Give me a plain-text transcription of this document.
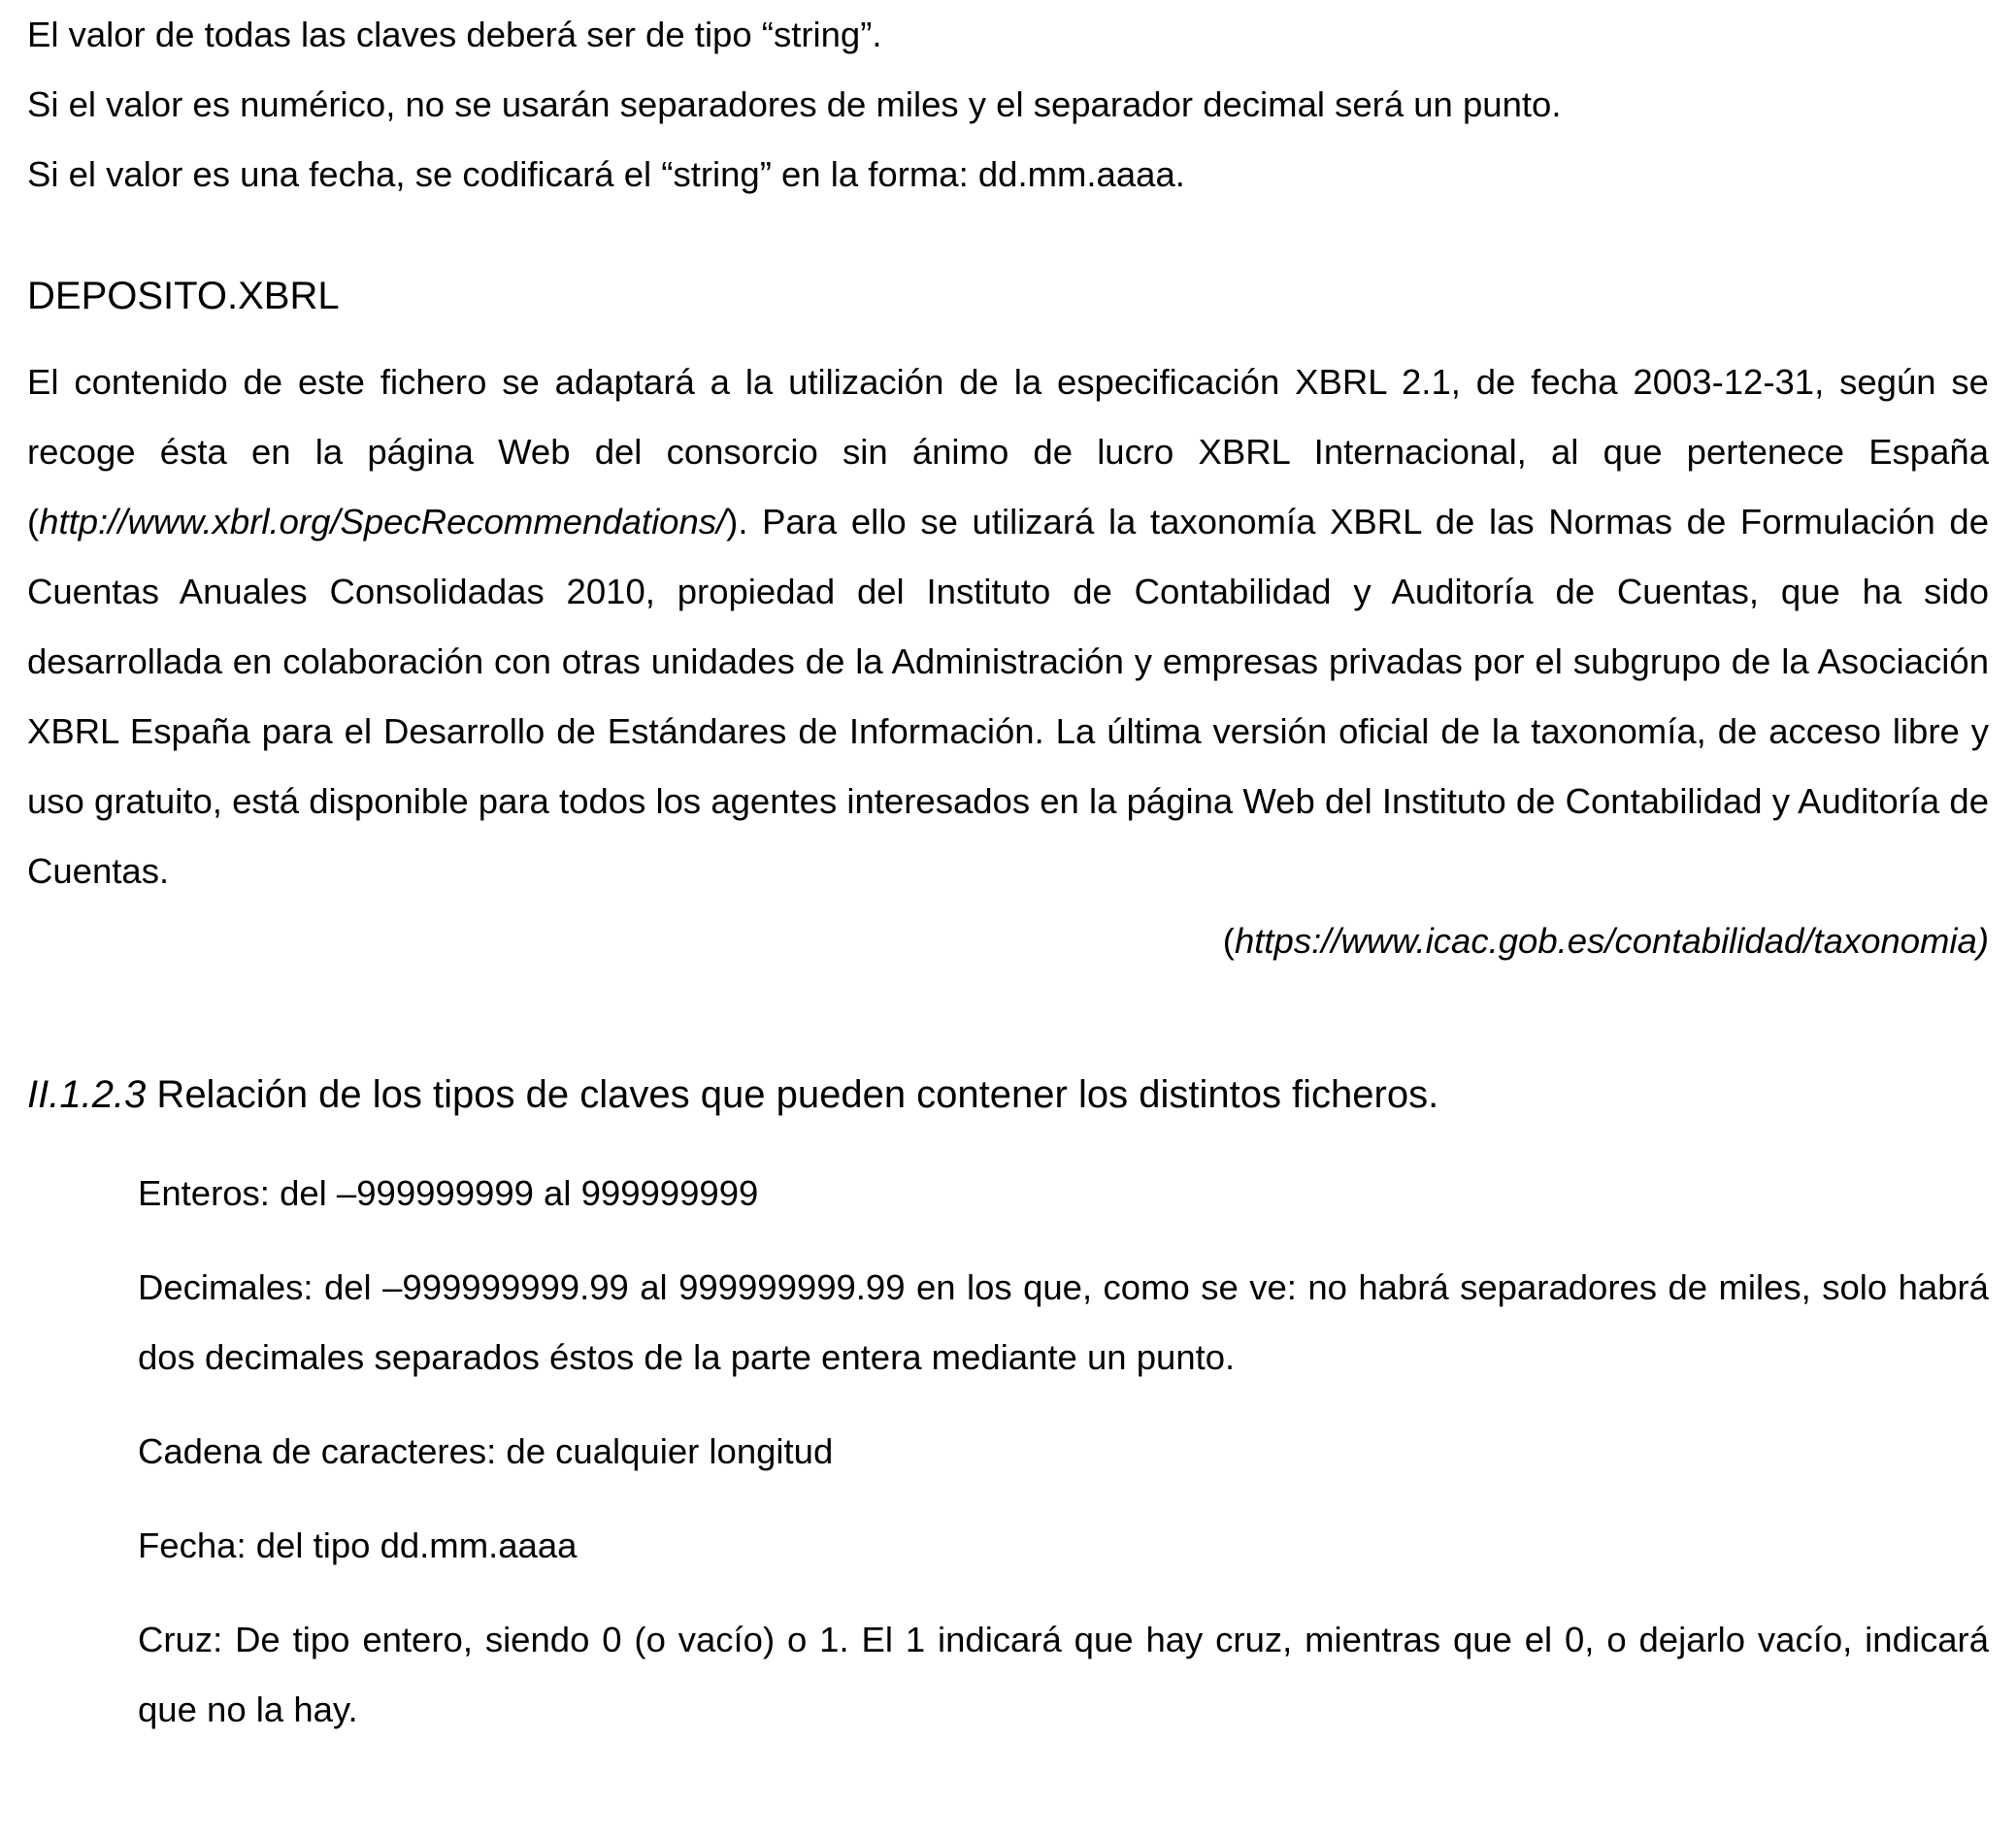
El valor de todas las claves deberá ser de tipo “string”.
Si el valor es numérico, no se usarán separadores de miles y el separador decimal será un punto.
Si el valor es una fecha, se codificará el “string” en la forma: dd.mm.aaaa.
DEPOSITO.XBRL
El contenido de este fichero se adaptará a la utilización de la especificación XBRL 2.1, de fecha 2003-12-31, según se recoge ésta en la página Web del consorcio sin ánimo de lucro XBRL Internacional, al que pertenece España (http://www.xbrl.org/SpecRecommendations/). Para ello se utilizará la taxonomía XBRL de las Normas de Formulación de Cuentas Anuales Consolidadas 2010, propiedad del Instituto de Contabilidad y Auditoría de Cuentas, que ha sido desarrollada en colaboración con otras unidades de la Administración y empresas privadas por el subgrupo de la Asociación XBRL España para el Desarrollo de Estándares de Información. La última versión oficial de la taxonomía, de acceso libre y uso gratuito, está disponible para todos los agentes interesados en la página Web del Instituto de Contabilidad y Auditoría de Cuentas.
(https://www.icac.gob.es/contabilidad/taxonomia)
II.1.2.3 Relación de los tipos de claves que pueden contener los distintos ficheros.
Enteros: del –999999999 al 999999999
Decimales: del –999999999.99 al 999999999.99 en los que, como se ve: no habrá separadores de miles, solo habrá dos decimales separados éstos de la parte entera mediante un punto.
Cadena de caracteres: de cualquier longitud
Fecha: del tipo dd.mm.aaaa
Cruz: De tipo entero, siendo 0 (o vacío) o 1. El 1 indicará que hay cruz, mientras que el 0, o dejarlo vacío, indicará que no la hay.
